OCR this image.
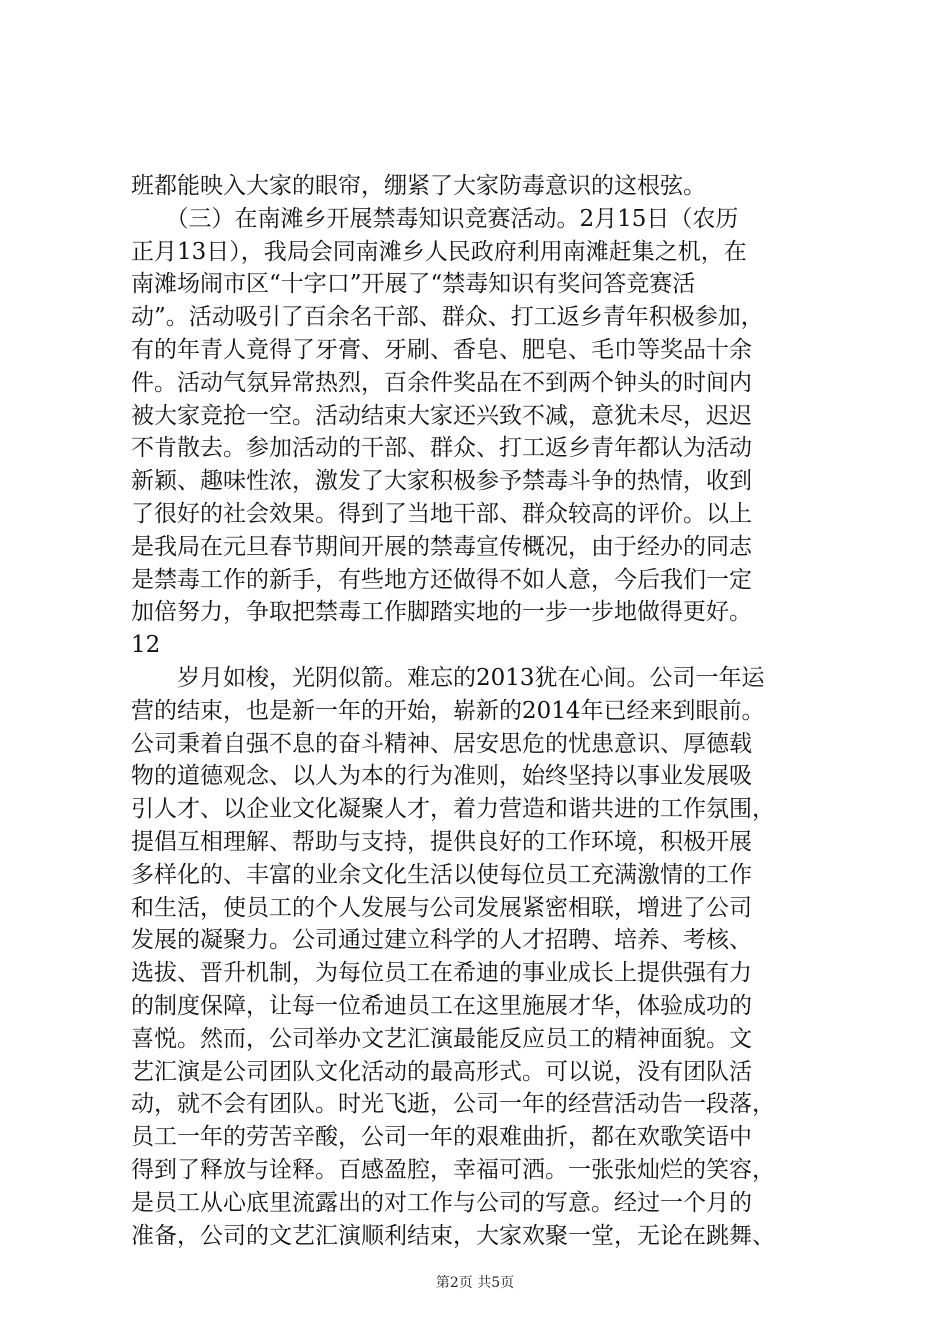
班都能映入大家的眼帘，绷紧了大家防毒意识的这根弦。
　　（三）在南滩乡开展禁毒知识竞赛活动。2月15日（农历
正月13日），我局会同南滩乡人民政府利用南滩赶集之机，在
南滩场闹市区“十字口”开展了“禁毒知识有奖问答竞赛活
动”。活动吸引了百余名干部、群众、打工返乡青年积极参加，
有的年青人竟得了牙膏、牙刷、香皂、肥皂、毛巾等奖品十余
件。活动气氛异常热烈，百余件奖品在不到两个钟头的时间内
被大家竞抢一空。活动结束大家还兴致不减，意犹未尽，迟迟
不肯散去。参加活动的干部、群众、打工返乡青年都认为活动
新颖、趣味性浓，激发了大家积极参予禁毒斗争的热情，收到
了很好的社会效果。得到了当地干部、群众较高的评价。以上
是我局在元旦春节期间开展的禁毒宣传概况，由于经办的同志
是禁毒工作的新手，有些地方还做得不如人意，今后我们一定
加倍努力，争取把禁毒工作脚踏实地的一步一步地做得更好。
12
　　岁月如梭，光阴似箭。难忘的2013犹在心间。公司一年运
营的结束，也是新一年的开始，崭新的2014年已经来到眼前。
公司秉着自强不息的奋斗精神、居安思危的忧患意识、厚德载
物的道德观念、以人为本的行为准则，始终坚持以事业发展吸
引人才、以企业文化凝聚人才，着力营造和谐共进的工作氛围，
提倡互相理解、帮助与支持，提供良好的工作环境，积极开展
多样化的、丰富的业余文化生活以使每位员工充满激情的工作
和生活，使员工的个人发展与公司发展紧密相联，增进了公司
发展的凝聚力。公司通过建立科学的人才招聘、培养、考核、
选拔、晋升机制，为每位员工在希迪的事业成长上提供强有力
的制度保障，让每一位希迪员工在这里施展才华，体验成功的
喜悦。然而，公司举办文艺汇演最能反应员工的精神面貌。文
艺汇演是公司团队文化活动的最高形式。可以说，没有团队活
动，就不会有团队。时光飞逝，公司一年的经营活动告一段落，
员工一年的劳苦辛酸，公司一年的艰难曲折，都在欢歌笑语中
得到了释放与诠释。百感盈腔，幸福可洒。一张张灿烂的笑容，
是员工从心底里流露出的对工作与公司的写意。经过一个月的
准备，公司的文艺汇演顺利结束，大家欢聚一堂，无论在跳舞、
第2页 共5页
